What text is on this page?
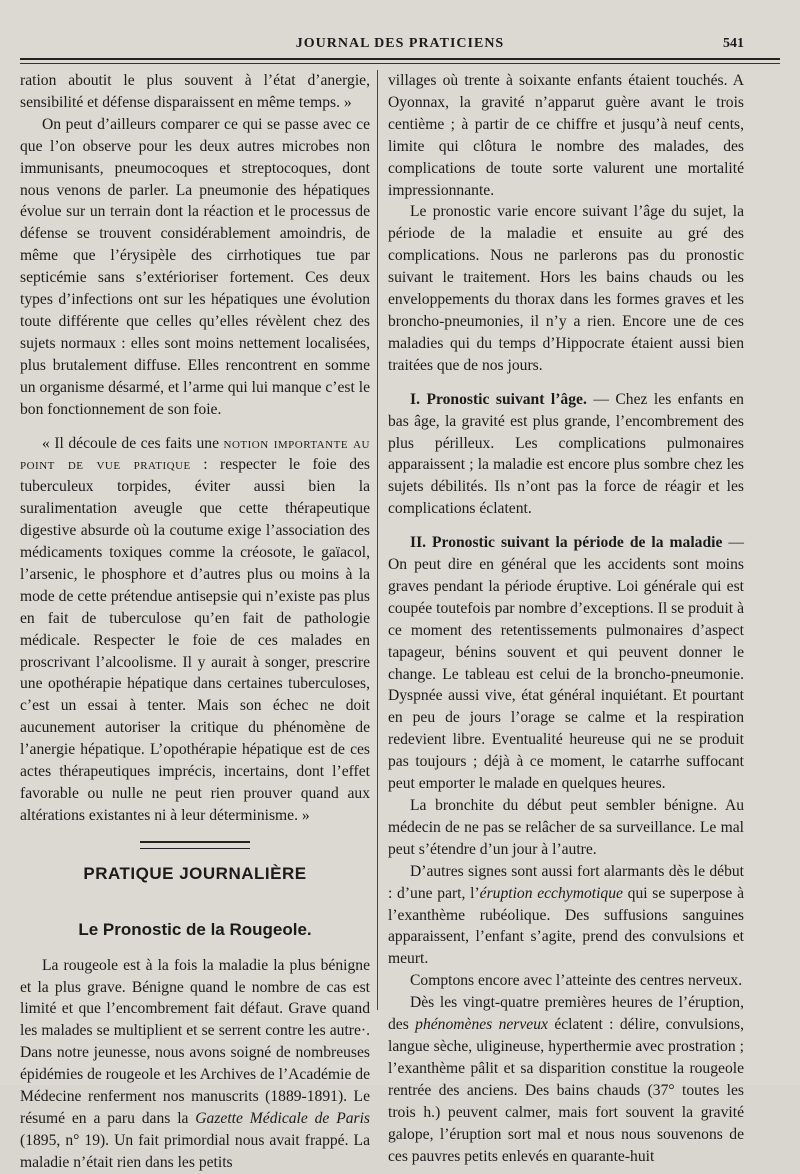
JOURNAL DES PRATICIENS	541

ration aboutit le plus souvent à l’état d’anergie, sensibilité et défense disparaissent en même temps. »

On peut d’ailleurs comparer ce qui se passe avec ce que l’on observe pour les deux autres microbes non immunisants, pneumocoques et streptocoques, dont nous venons de parler. La pneumonie des hépatiques évolue sur un terrain dont la réaction et le processus de défense se trouvent considérablement amoindris, de même que l’érysipèle des cirrhotiques tue par septicémie sans s’extérioriser fortement. Ces deux types d’infections ont sur les hépatiques une évolution toute différente que celles qu’elles révèlent chez des sujets normaux : elles sont moins nettement localisées, plus brutalement diffuse. Elles rencontrent en somme un organisme désarmé, et l’arme qui lui manque c’est le bon fonctionnement de son foie.

« Il découle de ces faits une notion importante au point de vue pratique : respecter le foie des tuberculeux torpides, éviter aussi bien la suralimentation aveugle que cette thérapeutique digestive absurde où la coutume exige l’association des médicaments toxiques comme la créosote, le gaïacol, l’arsenic, le phosphore et d’autres plus ou moins à la mode de cette prétendue antisepsie qui n’existe pas plus en fait de tuberculose qu’en fait de pathologie médicale. Respecter le foie de ces malades en proscrivant l’alcoolisme. Il y aurait à songer, prescrire une opothérapie hépatique dans certaines tuberculoses, c’est un essai à tenter. Mais son échec ne doit aucunement autoriser la critique du phénomène de l’anergie hépatique. L’opothérapie hépatique est de ces actes thérapeutiques imprécis, incertains, dont l’effet favorable ou nulle ne peut rien prouver quand aux altérations existantes ni à leur déterminisme. »

PRATIQUE JOURNALIÈRE
Le Pronostic de la Rougeole.

La rougeole est à la fois la maladie la plus bénigne et la plus grave. Bénigne quand le nombre de cas est limité et que l’encombrement fait défaut. Grave quand les malades se multiplient et se serrent contre les autre·. Dans notre jeunesse, nous avons soigné de nombreuses épidémies de rougeole et les Archives de l’Académie de Médecine renferment nos manuscrits (1889-1891). Le résumé en a paru dans la Gazette Médicale de Paris (1895, n° 19). Un fait primordial nous avait frappé. La maladie n’était rien dans les petits

villages où trente à soixante enfants étaient touchés. A Oyonnax, la gravité n’apparut guère avant le trois centième ; à partir de ce chiffre et jusqu’à neuf cents, limite qui clôtura le nombre des malades, des complications de toute sorte valurent une mortalité impressionnante.

Le pronostic varie encore suivant l’âge du sujet, la période de la maladie et ensuite au gré des complications. Nous ne parlerons pas du pronostic suivant le traitement. Hors les bains chauds ou les enveloppements du thorax dans les formes graves et les broncho-pneumonies, il n’y a rien. Encore une de ces maladies qui du temps d’Hippocrate étaient aussi bien traitées que de nos jours.

I. Pronostic suivant l’âge. — Chez les enfants en bas âge, la gravité est plus grande, l’encombrement des plus périlleux. Les complications pulmonaires apparaissent ; la maladie est encore plus sombre chez les sujets débilités. Ils n’ont pas la force de réagir et les complications éclatent.

II. Pronostic suivant la période de la maladie — On peut dire en général que les accidents sont moins graves pendant la période éruptive. Loi générale qui est coupée toutefois par nombre d’exceptions. Il se produit à ce moment des retentissements pulmonaires d’aspect tapageur, bénins souvent et qui peuvent donner le change. Le tableau est celui de la broncho-pneumonie. Dyspnée aussi vive, état général inquiétant. Et pourtant en peu de jours l’orage se calme et la respiration redevient libre. Eventualité heureuse qui ne se produit pas toujours ; déjà à ce moment, le catarrhe suffocant peut emporter le malade en quelques heures.

La bronchite du début peut sembler bénigne. Au médecin de ne pas se relâcher de sa surveillance. Le mal peut s’étendre d’un jour à l’autre.

D’autres signes sont aussi fort alarmants dès le début : d’une part, l’éruption ecchymotique qui se superpose à l’exanthème rubéolique. Des suffusions sanguines apparaissent, l’enfant s’agite, prend des convulsions et meurt.

Comptons encore avec l’atteinte des centres nerveux.

Dès les vingt-quatre premières heures de l’éruption, des phénomènes nerveux éclatent : délire, convulsions, langue sèche, uligineuse, hyperthermie avec prostration ; l’exanthème pâlit et sa disparition constitue la rougeole rentrée des anciens. Des bains chauds (37° toutes les trois h.) peuvent calmer, mais fort souvent la gravité galope, l’éruption sort mal et nous nous souvenons de ces pauvres petits enlevés en quarante-huit
